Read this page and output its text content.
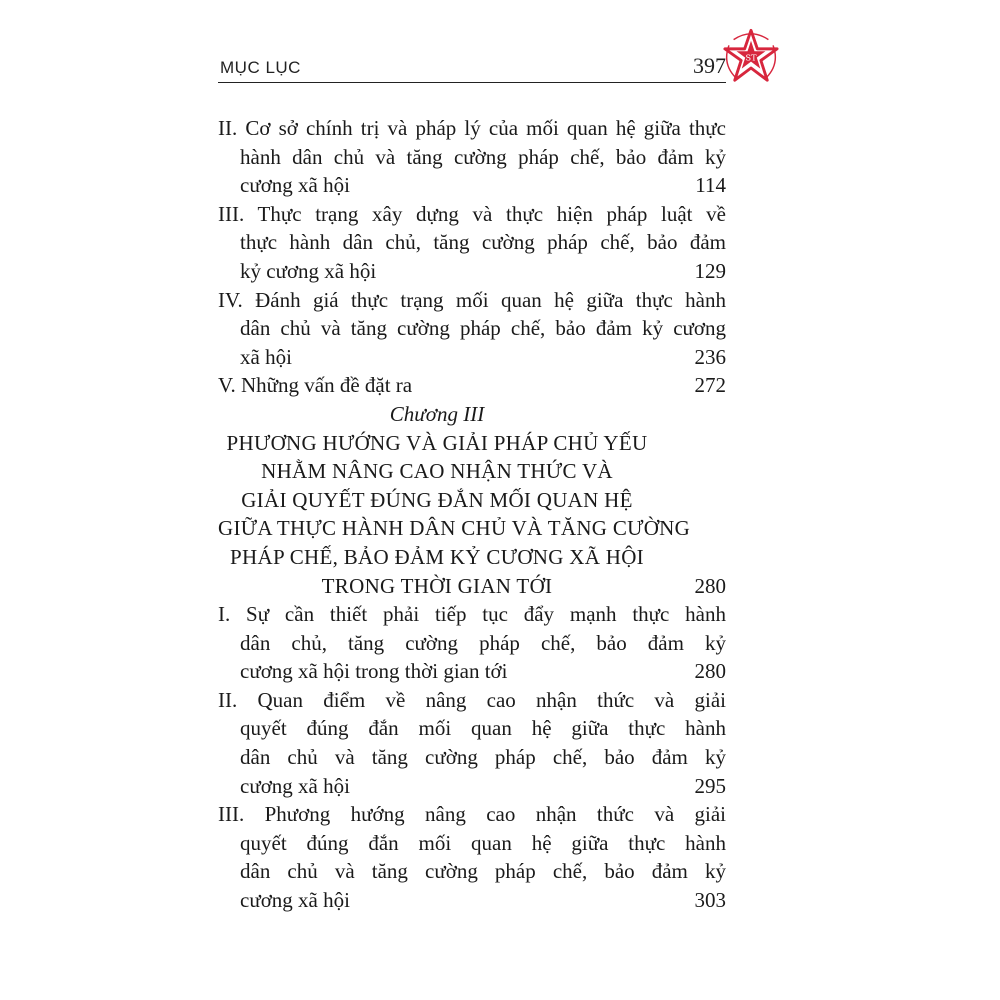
MỤC LỤC	397 ST
II. Cơ sở chính trị và pháp lý của mối quan hệ giữa thực
hành dân chủ và tăng cường pháp chế, bảo đảm kỷ
cương xã hội	114
III. Thực trạng xây dựng và thực hiện pháp luật về
thực hành dân chủ, tăng cường pháp chế, bảo đảm
kỷ cương xã hội	129
IV. Đánh giá thực trạng mối quan hệ giữa thực hành
dân chủ và tăng cường pháp chế, bảo đảm kỷ cương
xã hội	236
V. Những vấn đề đặt ra	272
Chương III
PHƯƠNG HƯỚNG VÀ GIẢI PHÁP CHỦ YẾU
NHẰM NÂNG CAO NHẬN THỨC VÀ
GIẢI QUYẾT ĐÚNG ĐẮN MỐI QUAN HỆ
GIỮA THỰC HÀNH DÂN CHỦ VÀ TĂNG CƯỜNG
PHÁP CHẾ, BẢO ĐẢM KỶ CƯƠNG XÃ HỘI
TRONG THỜI GIAN TỚI	280
I. Sự cần thiết phải tiếp tục đẩy mạnh thực hành
dân chủ, tăng cường pháp chế, bảo đảm kỷ
cương xã hội trong thời gian tới	280
II. Quan điểm về nâng cao nhận thức và giải
quyết đúng đắn mối quan hệ giữa thực hành
dân chủ và tăng cường pháp chế, bảo đảm kỷ
cương xã hội	295
III. Phương hướng nâng cao nhận thức và giải
quyết đúng đắn mối quan hệ giữa thực hành
dân chủ và tăng cường pháp chế, bảo đảm kỷ
cương xã hội	303
